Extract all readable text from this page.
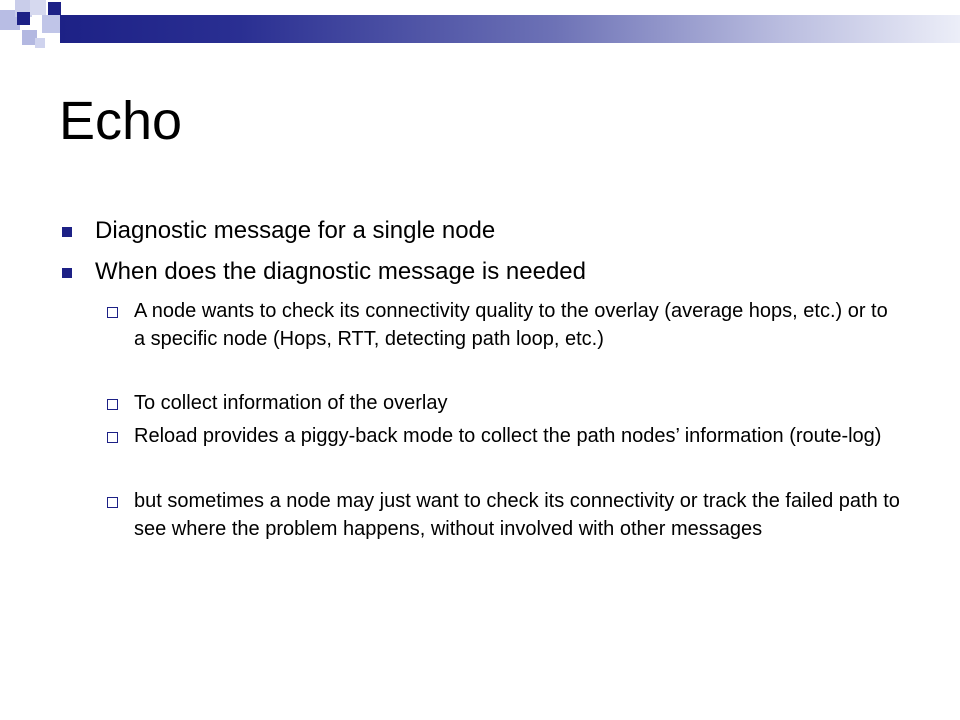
Echo
Diagnostic message for a single node
When does the diagnostic message is needed
A node wants to check its connectivity quality to the overlay (average hops, etc.) or to a specific node (Hops, RTT, detecting path loop, etc.)
To collect information of the overlay
Reload provides a piggy-back mode to collect the path nodes’ information (route-log)
but sometimes a node may just want to check its connectivity or track the failed path to see where the problem happens, without involved with other messages
